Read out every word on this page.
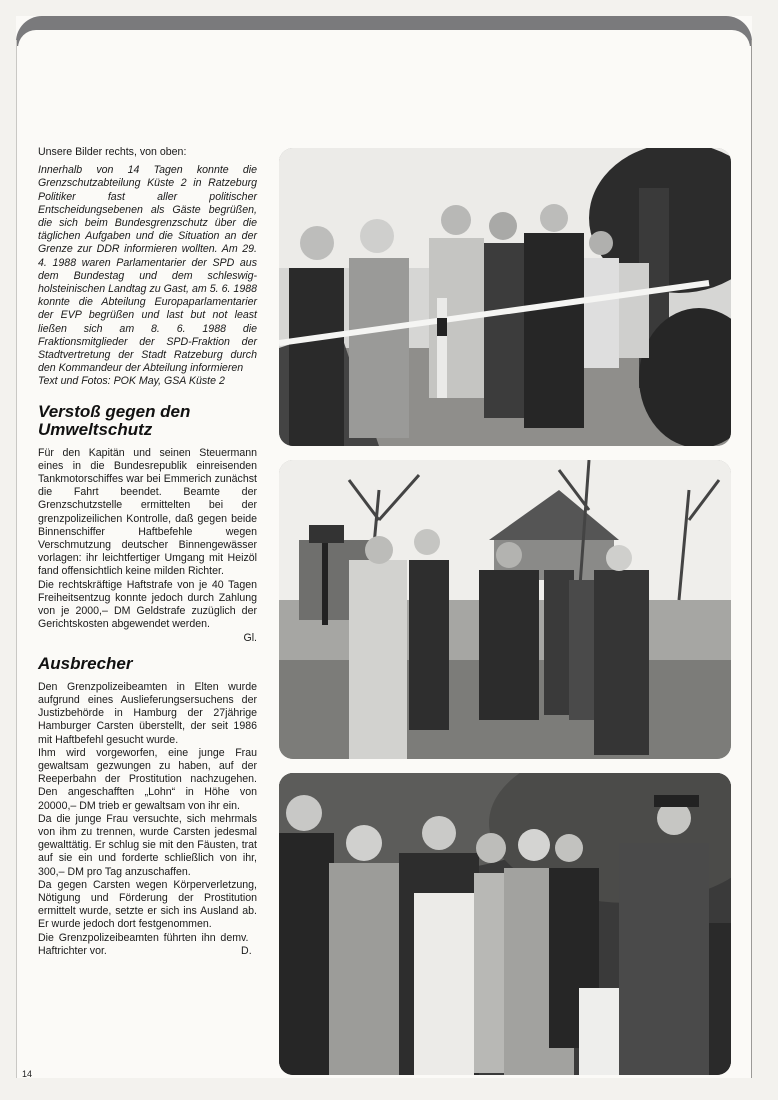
Unsere Bilder rechts, von oben:

Innerhalb von 14 Tagen konnte die Grenzschutzabteilung Küste 2 in Ratzeburg Politiker fast aller politischer Entscheidungsebenen als Gäste begrüßen, die sich beim Bundesgrenzschutz über die täglichen Aufgaben und die Situation an der Grenze zur DDR informieren wollten. Am 29. 4. 1988 waren Parlamentarier der SPD aus dem Bundestag und dem schleswig-holsteinischen Landtag zu Gast, am 5. 6. 1988 konnte die Abteilung Europaparlamentarier der EVP begrüßen und last but not least ließen sich am 8. 6. 1988 die Fraktionsmitglieder der SPD-Fraktion der Stadtvertretung der Stadt Ratzeburg durch den Kommandeur der Abteilung informieren

Text und Fotos: POK May, GSA Küste 2

Verstoß gegen den Umweltschutz

Für den Kapitän und seinen Steuermann eines in die Bundesrepublik einreisenden Tankmotorschiffes war bei Emmerich zunächst die Fahrt beendet. Beamte der Grenzschutzstelle ermittelten bei der grenzpolizeilichen Kontrolle, daß gegen beide Binnenschiffer Haftbefehle wegen Verschmutzung deutscher Binnengewässer vorlagen: ihr leichtfertiger Umgang mit Heizöl fand offensichtlich keine milden Richter.

Die rechtskräftige Haftstrafe von je 40 Tagen Freiheitsentzug konnte jedoch durch Zahlung von je 2000,– DM Geldstrafe zuzüglich der Gerichtskosten abgewendet werden.

Gl.
Ausbrecher

Den Grenzpolizeibeamten in Elten wurde aufgrund eines Auslieferungsersuchens der Justizbehörde in Hamburg der 27jährige Hamburger Carsten überstellt, der seit 1986 mit Haftbefehl gesucht wurde.

Ihm wird vorgeworfen, eine junge Frau gewaltsam gezwungen zu haben, auf der Reeperbahn der Prostitution nachzugehen. Den angeschafften „Lohn“ in Höhe von 20000,– DM trieb er gewaltsam von ihr ein.

Da die junge Frau versuchte, sich mehrmals von ihm zu trennen, wurde Carsten jedesmal gewalttätig. Er schlug sie mit den Fäusten, trat auf sie ein und forderte schließlich von ihr, 300,– DM pro Tag anzuschaffen.

Da gegen Carsten wegen Körperverletzung, Nötigung und Förderung der Prostitution ermittelt wurde, setzte er sich ins Ausland ab. Er wurde jedoch dort festgenommen.

Die Grenzpolizeibeamten führten ihn dem Haftrichter vor.
v. D.
14
